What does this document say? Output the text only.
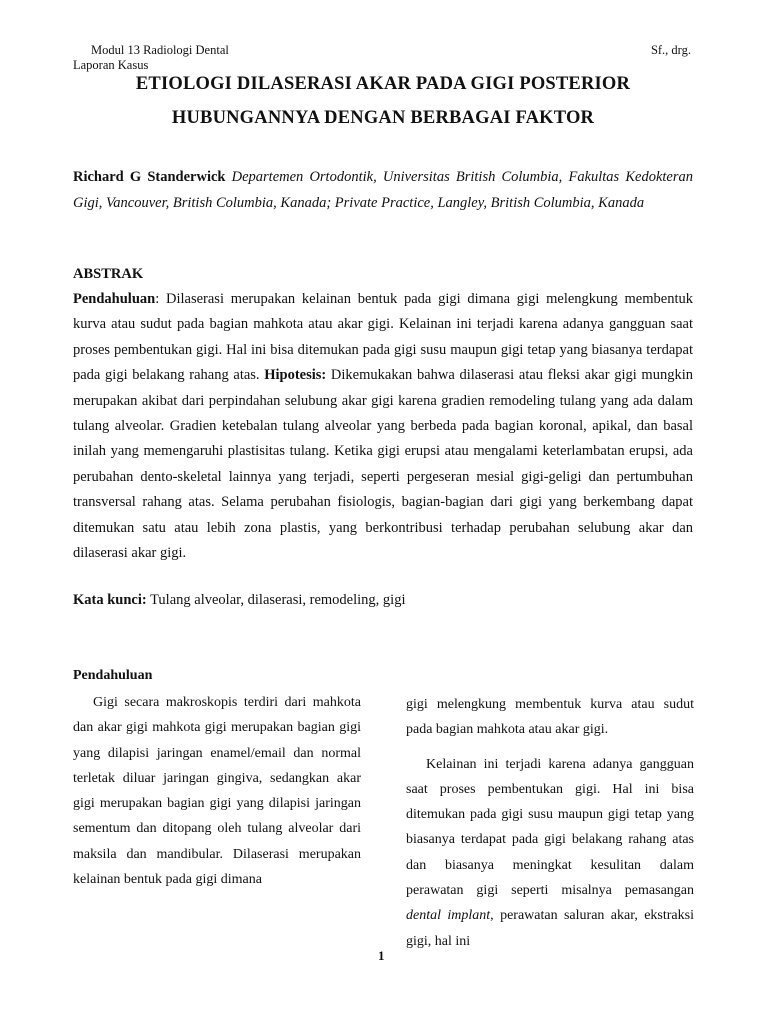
Modul 13 Radiologi Dental	Sf., drg.
Laporan Kasus
ETIOLOGI DILASERASI AKAR PADA GIGI POSTERIOR
HUBUNGANNYA DENGAN BERBAGAI FAKTOR
Richard G Standerwick Departemen Ortodontik, Universitas British Columbia, Fakultas Kedokteran Gigi, Vancouver, British Columbia, Kanada; Private Practice, Langley, British Columbia, Kanada
ABSTRAK
Pendahuluan: Dilaserasi merupakan kelainan bentuk pada gigi dimana gigi melengkung membentuk kurva atau sudut pada bagian mahkota atau akar gigi. Kelainan ini terjadi karena adanya gangguan saat proses pembentukan gigi. Hal ini bisa ditemukan pada gigi susu maupun gigi tetap yang biasanya terdapat pada gigi belakang rahang atas. Hipotesis: Dikemukakan bahwa dilaserasi atau fleksi akar gigi mungkin merupakan akibat dari perpindahan selubung akar gigi karena gradien remodeling tulang yang ada dalam tulang alveolar. Gradien ketebalan tulang alveolar yang berbeda pada bagian koronal, apikal, dan basal inilah yang memengaruhi plastisitas tulang. Ketika gigi erupsi atau mengalami keterlambatan erupsi, ada perubahan dento-skeletal lainnya yang terjadi, seperti pergeseran mesial gigi-geligi dan pertumbuhan transversal rahang atas. Selama perubahan fisiologis, bagian-bagian dari gigi yang berkembang dapat ditemukan satu atau lebih zona plastis, yang berkontribusi terhadap perubahan selubung akar dan dilaserasi akar gigi.
Kata kunci: Tulang alveolar, dilaserasi, remodeling, gigi
Pendahuluan

Gigi secara makroskopis terdiri dari mahkota dan akar gigi mahkota gigi merupakan bagian gigi yang dilapisi jaringan enamel/email dan normal terletak diluar jaringan gingiva, sedangkan akar gigi merupakan bagian gigi yang dilapisi jaringan sementum dan ditopang oleh tulang alveolar dari maksila dan mandibular. Dilaserasi merupakan kelainan bentuk pada gigi dimana

gigi melengkung membentuk kurva atau sudut pada bagian mahkota atau akar gigi.

Kelainan ini terjadi karena adanya gangguan saat proses pembentukan gigi. Hal ini bisa ditemukan pada gigi susu maupun gigi tetap yang biasanya terdapat pada gigi belakang rahang atas dan biasanya meningkat kesulitan dalam perawatan gigi seperti misalnya pemasangan dental implant, perawatan saluran akar, ekstraksi gigi, hal ini

1
